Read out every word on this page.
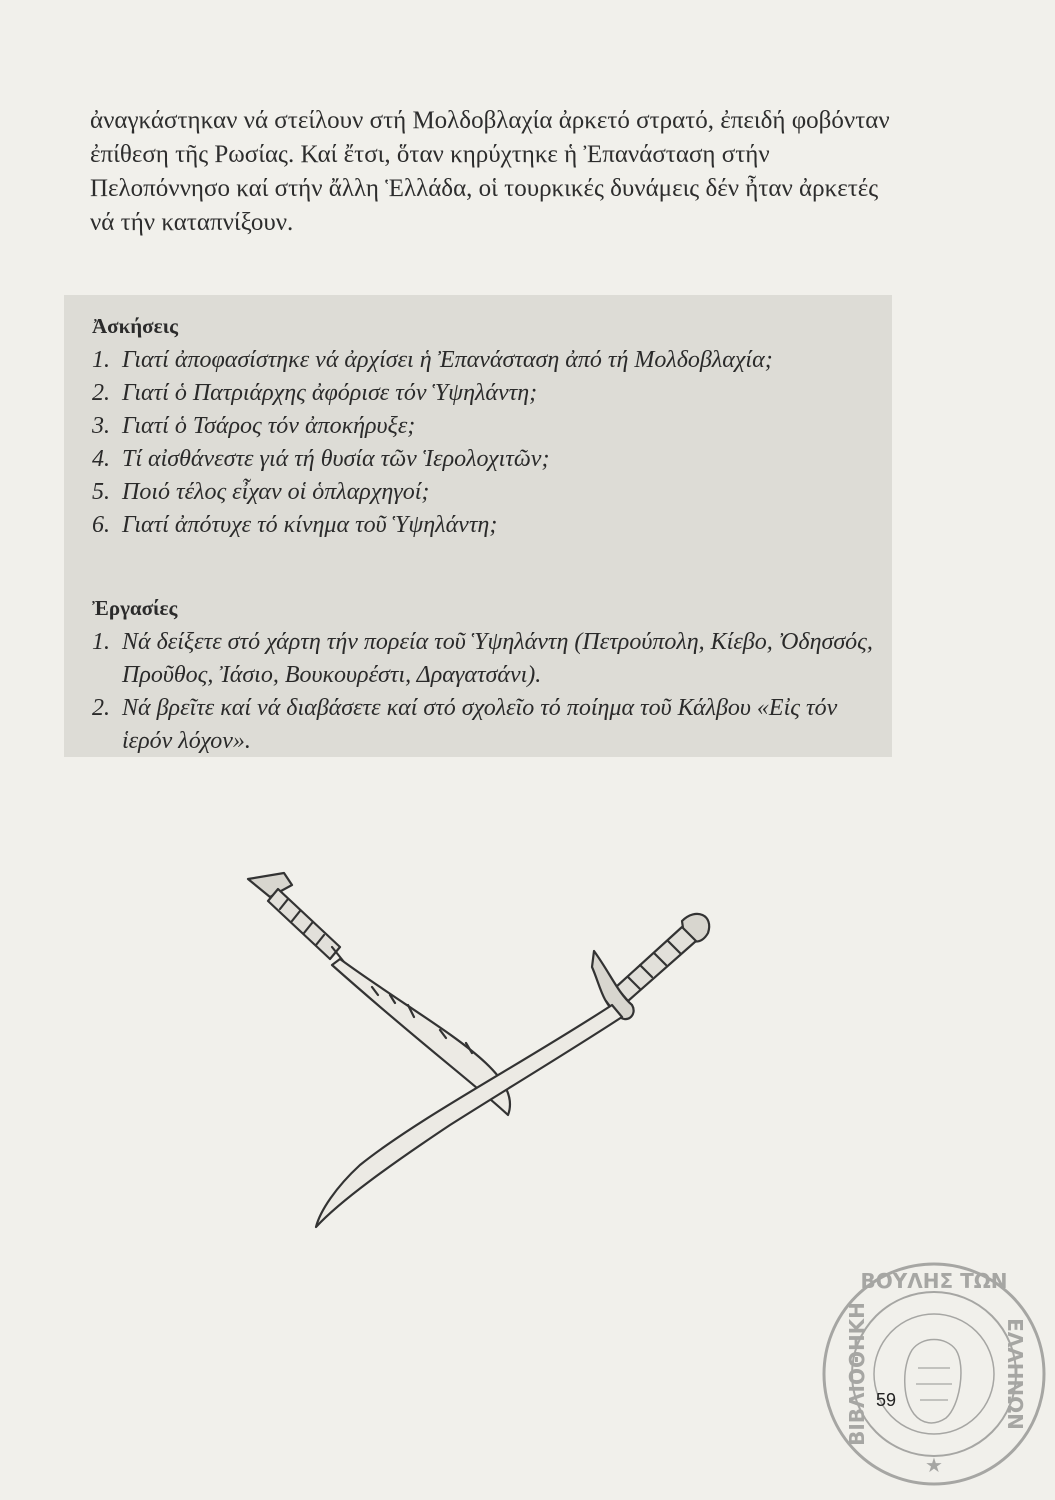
ἀναγκάστηκαν νά στείλουν στή Μολδοβλαχία ἀρκετό στρατό, ἐπειδή φοβόνταν ἐπίθεση τῆς Ρωσίας. Καί ἔτσι, ὅταν κηρύχτηκε ἡ Ἐπανάσταση στήν Πελοπόννησο καί στήν ἄλλη Ἑλλάδα, οἱ τουρκικές δυνάμεις δέν ἦταν ἀρκετές νά τήν καταπνίξουν.

Ἀσκήσεις
1. Γιατί ἀποφασίστηκε νά ἀρχίσει ἡ Ἐπανάσταση ἀπό τή Μολδοβλαχία;
2. Γιατί ὁ Πατριάρχης ἀφόρισε τόν Ὑψηλάντη;
3. Γιατί ὁ Τσάρος τόν ἀποκήρυξε;
4. Τί αἰσθάνεστε γιά τή θυσία τῶν Ἱερολοχιτῶν;
5. Ποιό τέλος εἶχαν οἱ ὁπλαρχηγοί;
6. Γιατί ἀπότυχε τό κίνημα τοῦ Ὑψηλάντη;
Ἐργασίες
1. Νά δείξετε στό χάρτη τήν πορεία τοῦ Ὑψηλάντη (Πετρούπολη, Κίεβο, Ὀδησσός, Προῦθος, Ἰάσιο, Βουκουρέστι, Δραγατσάνι).
2. Νά βρεῖτε καί νά διαβάσετε καί στό σχολεῖο τό ποίημα τοῦ Κάλβου «Εἰς τόν ἱερόν λόχον».
ΒΟΥΛΗΣ ΤΩΝ
ΒΙΒΛΙΟΘΗΚΗ	ΕΛΛΗΝΩΝ
★

59
